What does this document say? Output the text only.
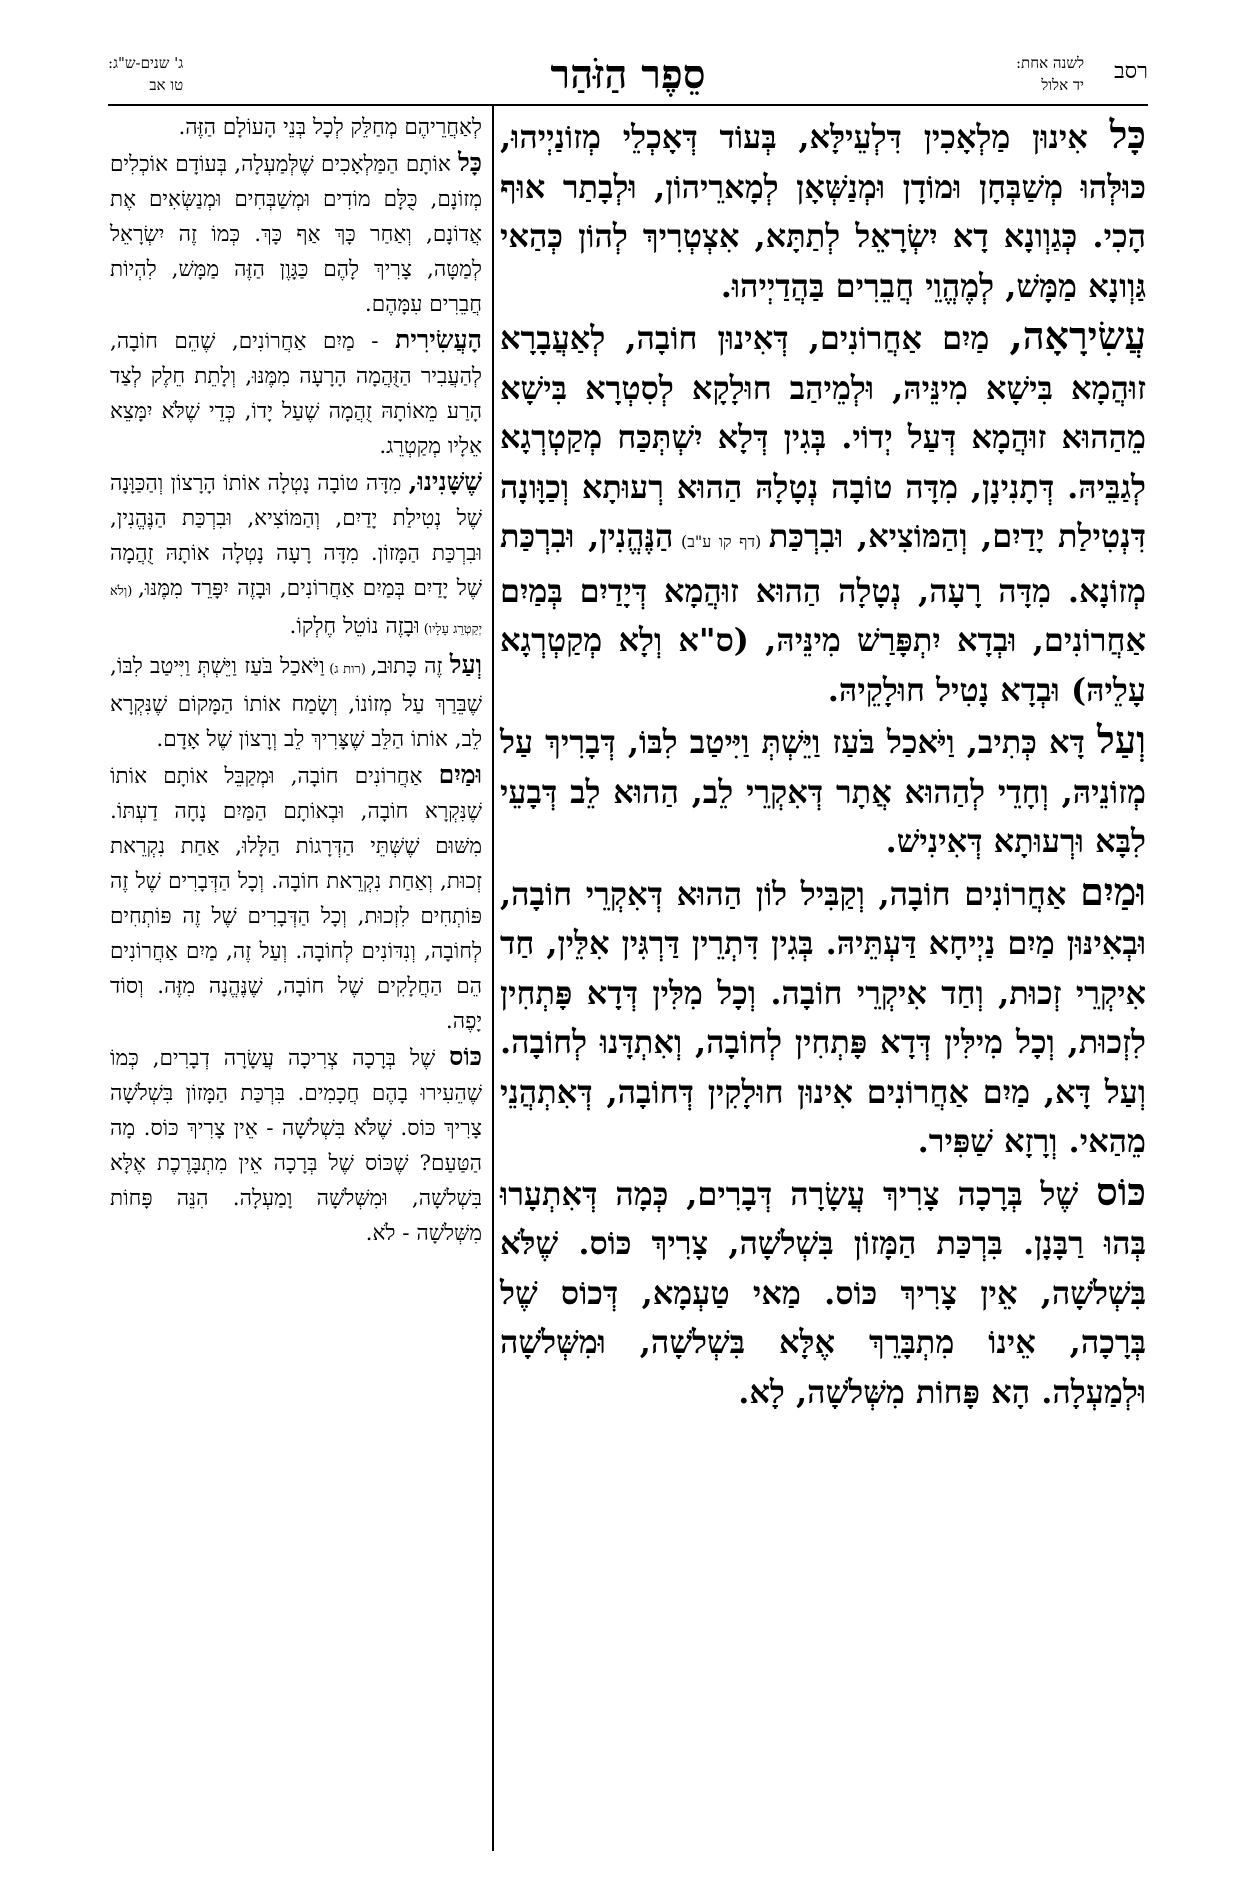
רסב
לשנה אחת:
יד אלול
סֵפֶר הַזֹּהַר
ג' שנים-ש"ג:
טו אב

כָּל אִינוּן מַלְאָכִין דִּלְעֵילָּא, בְּעוֹד דְּאָכְלֵי מְזוֹנַיְיהוּ, כּוּלְּהוּ מְשַׁבְּחָן וּמוֹדָן וּמְנַשְּׁאָן לְמָארֵיהוֹן, וּלְבָתַר אוּף הָכִי. כְּגַוְונָא דָא יִשְׂרָאֵל לְתַתָּא, אִצְטְרִיךְ לְהוֹן כְּהַאי גַּוְונָא מַמָּשׁ, לְמֶהֱוֵי חֲבֵרִים בַּהֲדַיְיהוּ.

עֲשִׂירָאָה, מַיִם אַחֲרוֹנִים, דְּאִינוּן חוֹבָה, לְאַעֲבָרָא זוּהֲמָא בִּישָׁא מִינֵּיהּ, וּלְמֵיהַב חוּלָקָא לְסִטְרָא בִּישָׁא מֵהַהוּא זוּהֲמָא דְּעַל יְדוֹי. בְּגִין דְּלָא יִשְׁתְּכַּח מְקַטְרְגָא לְגַבֵּיהּ. דְּתָנִינָן, מִדָּה טוֹבָה נְטָלָהּ הַהוּא רְעוּתָא וְכַוָּונָה דִּנְטִילַת יָדַיִם, וְהַמּוֹצִיא, וּבִרְכַּת (דף קו ע"ב) הַנֶּהֱנִין, וּבִרְכַּת מְזוֹנָא. מִדָּה רָעָה, נְטָלָה הַהוּא זוּהֲמָא דְּיָדַיִם בְּמַיִם אַחֲרוֹנִים, וּבְדָא יִתְפָּרַשׁ מִינֵּיהּ, (ס"א וְלָא מְקַטְרְגָא עָלֵיהּ) וּבְדָא נָטִיל חוּלָקֵיהּ.

וְעַל דָּא כְּתִיב, וַיֹּאכַל בֹּעַז וַיֵּשְׁתְּ וַיִּיטַב לִבּוֹ, דְּבָרִיךְ עַל מְזוֹנֵיהּ, וְחָדֵי לְהַהוּא אֲתָר דְּאִקְרֵי לֵב, הַהוּא לֵב דְּבָעֵי לִבָּא וּרְעוּתָא דְּאִינִישׁ.

וּמַיִם אַחֲרוֹנִים חוֹבָה, וְקַבִּיל לוֹן הַהוּא דְּאִקְרֵי חוֹבָה, וּבְאִינּוּן מַיִם נַיְיחָא דַּעְתֵּיהּ. בְּגִין דִּתְרֵין דַּרְגִּין אִלֵּין, חַד אִיקְרֵי זְכוּת, וְחַד אִיקְרֵי חוֹבָה. וְכָל מִלִּין דְּדָא פָּתְחִין לִזְכוּת, וְכָל מִילִּין דְּדָא פָּתְחִין לְחוֹבָה, וְאִתְדָּנוּ לְחוֹבָה. וְעַל דָּא, מַיִם אַחֲרוֹנִים אִינוּן חוּלָקִין דְּחוֹבָה, דְּאִתְהֲנֵי מֵהַאי. וְרָזָא שַׁפִּיר.

כּוֹס שֶׁל בְּרָכָה צָרִיךְ עֲשָׂרָה דְּבָרִים, כְּמָה דְּאִתְעָרוּ בְּהוּ רַבָּנָן. בִּרְכַּת הַמָּזוֹן בִּשְׁלֹשָׁה, צָרִיךְ כּוֹס. שֶׁלֹּא בִּשְׁלֹשָׁה, אֵין צָרִיךְ כּוֹס. מַאי טַעְמָא, דְּכוֹס שֶׁל בְּרָכָה, אֵינוֹ מִתְבָּרֵךְ אֶלָּא בִּשְׁלֹשָׁה, וּמִשְּׁלֹשָׁה וּלְמַעְלָה. הָא פָּחוֹת מִשְּׁלֹשָׁה, לָא.

לְאַחֲרֵיהֶם מְחַלֵּק לְכָל בְּנֵי הָעוֹלָם הַזֶּה.

כָּל אוֹתָם הַמַּלְאָכִים שֶׁלְּמַעְלָה, בְּעוֹדָם אוֹכְלִים מְזוֹנָם, כֻּלָּם מוֹדִים וּמְשַׁבְּחִים וּמְנַשְּׂאִים אֶת אֲדוֹנָם, וְאַחַר כָּךְ אַף כָּךְ. כְּמוֹ זֶה יִשְׂרָאֵל לְמַטָּה, צָרִיךְ לָהֶם כַּגָּוֶן הַזֶּה מַמָּשׁ, לִהְיוֹת חֲבֵרִים עִמָּהֶם.

הָעֲשִׂירִית - מַיִם אַחֲרוֹנִים, שֶׁהֵם חוֹבָה, לְהַעֲבִיר הַזֻּהֲמָה הָרָעָה מִמֶּנּוּ, וְלָתֵת חֵלֶק לְצַד הָרַע מֵאוֹתָהּ זֻהֲמָה שֶׁעַל יָדוֹ, כְּדֵי שֶׁלֹּא יִמָּצֵא אֵלָיו מְקַטְרֵג.

שֶׁשָּׁנִינוּ, מִדָּה טוֹבָה נָטְלָה אוֹתוֹ הָרָצוֹן וְהַכַּוָּנָה שֶׁל נְטִילַת יָדַיִם, וְהַמּוֹצִיא, וּבִרְכַּת הַנֶּהֱנִין, וּבִרְכַּת הַמָּזוֹן. מִדָּה רָעָה נָטְלָה אוֹתָהּ זֻהֲמָה שֶׁל יָדַיִם בְּמַיִם אַחֲרוֹנִים, וּבָזֶה יִפָּרֵד מִמֶּנּוּ, (וְלֹא יְקַטְרֵג עָלָיו) וּבָזֶה נוֹטֵל חֶלְקוֹ.

וְעַל זֶה כָּתוּב, (רות ג) וַיֹּאכַל בֹּעַז וַיֵּשְׁתְּ וַיִּיטַב לִבּוֹ, שֶׁבֵּרַךְ עַל מְזוֹנוֹ, וְשָׂמַח אוֹתוֹ הַמָּקוֹם שֶׁנִּקְרָא לֵב, אוֹתוֹ הַלֵּב שֶׁצָּרִיךְ לֵב וְרָצוֹן שֶׁל אָדָם.

וּמַיִם אַחֲרוֹנִים חוֹבָה, וּמְקַבֵּל אוֹתָם אוֹתוֹ שֶׁנִּקְרָא חוֹבָה, וּבְאוֹתָם הַמַּיִם נָחָה דַעְתּוֹ. מִשּׁוּם שֶׁשְּׁתֵּי הַדְּרָגוֹת הַלָּלוּ, אַחַת נִקְרֵאת זְכוּת, וְאַחַת נִקְרֵאת חוֹבָה. וְכָל הַדְּבָרִים שֶׁל זֶה פּוֹתְחִים לִזְכוּת, וְכָל הַדְּבָרִים שֶׁל זֶה פּוֹתְחִים לְחוֹבָה, וְנִדּוֹנִים לְחוֹבָה. וְעַל זֶה, מַיִם אַחֲרוֹנִים הֵם הַחֲלָקִים שֶׁל חוֹבָה, שֶׁנֶּהֱנָה מִזֶּה. וְסוֹד יָפֶה.

כּוֹס שֶׁל בְּרָכָה צְרִיכָה עֲשָׂרָה דְבָרִים, כְּמוֹ שֶׁהֵעִירוּ בָהֶם חֲכָמִים. בִּרְכַּת הַמָּזוֹן בִּשְׁלֹשָׁה צָרִיךְ כּוֹס. שֶׁלֹּא בִּשְׁלֹשָׁה - אֵין צָרִיךְ כּוֹס. מָה הַטַּעַם? שֶׁכּוֹס שֶׁל בְּרָכָה אֵין מִתְבָּרֶכֶת אֶלָּא בִּשְׁלֹשָׁה, וּמִשְּׁלֹשָׁה וָמַעְלָה. הִנֵּה פָּחוֹת מִשְּׁלֹשָׁה - לֹא.
